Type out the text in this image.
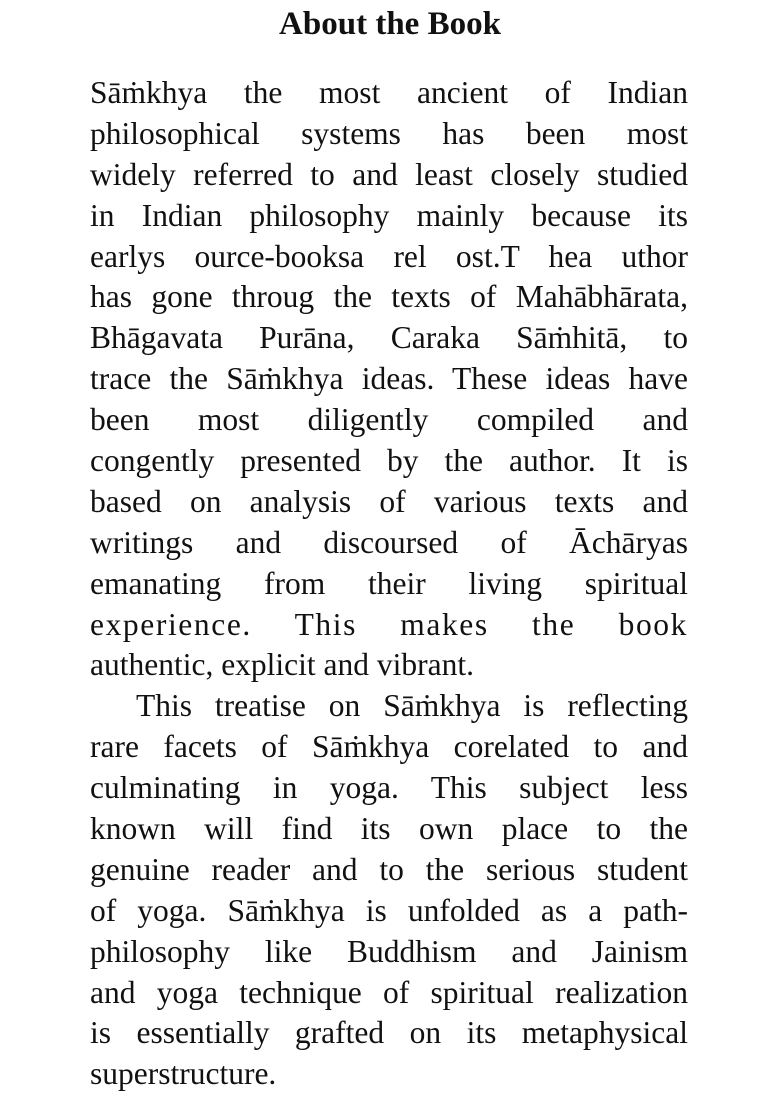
About the Book
Sāṁkhya the most ancient of Indian
philosophical systems has been most
widely referred to and least closely studied
in Indian philosophy mainly because its
earlys ource-booksa rel ost.T hea uthor
has gone throug the texts of Mahābhārata,
Bhāgavata Purāna, Caraka Sāṁhitā, to
trace the Sāṁkhya ideas. These ideas have
been most diligently compiled and
congently presented by the author. It is
based on analysis of various texts and
writings and discoursed of Āchāryas
emanating from their living spiritual
experience. This makes the book
authentic, explicit and vibrant.
This treatise on Sāṁkhya is reflecting
rare facets of Sāṁkhya corelated to and
culminating in yoga. This subject less
known will find its own place to the
genuine reader and to the serious student
of yoga. Sāṁkhya is unfolded as a path-
philosophy like Buddhism and Jainism
and yoga technique of spiritual realization
is essentially grafted on its metaphysical
superstructure.
